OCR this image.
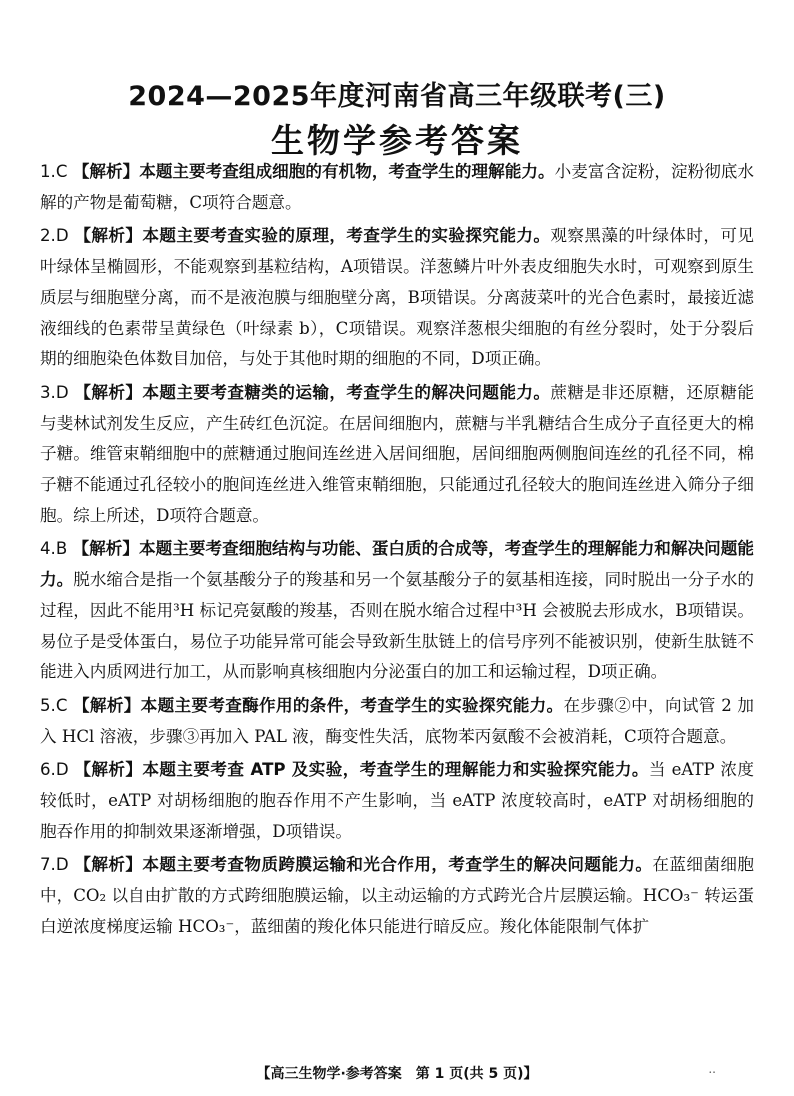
2024—2025年度河南省高三年级联考(三)
生物学参考答案

1.C 【解析】本题主要考查组成细胞的有机物，考查学生的理解能力。小麦富含淀粉，淀粉彻底水解的产物是葡萄糖，C项符合题意。

2.D 【解析】本题主要考查实验的原理，考查学生的实验探究能力。观察黑藻的叶绿体时，可见叶绿体呈椭圆形，不能观察到基粒结构，A项错误。洋葱鳞片叶外表皮细胞失水时，可观察到原生质层与细胞壁分离，而不是液泡膜与细胞壁分离，B项错误。分离菠菜叶的光合色素时，最接近滤液细线的色素带呈黄绿色（叶绿素 b），C项错误。观察洋葱根尖细胞的有丝分裂时，处于分裂后期的细胞染色体数目加倍，与处于其他时期的细胞的不同，D项正确。

3.D 【解析】本题主要考查糖类的运输，考查学生的解决问题能力。蔗糖是非还原糖，还原糖能与斐林试剂发生反应，产生砖红色沉淀。在居间细胞内，蔗糖与半乳糖结合生成分子直径更大的棉子糖。维管束鞘细胞中的蔗糖通过胞间连丝进入居间细胞，居间细胞两侧胞间连丝的孔径不同，棉子糖不能通过孔径较小的胞间连丝进入维管束鞘细胞，只能通过孔径较大的胞间连丝进入筛分子细胞。综上所述，D项符合题意。

4.B 【解析】本题主要考查细胞结构与功能、蛋白质的合成等，考查学生的理解能力和解决问题能力。脱水缩合是指一个氨基酸分子的羧基和另一个氨基酸分子的氨基相连接，同时脱出一分子水的过程，因此不能用³H 标记亮氨酸的羧基，否则在脱水缩合过程中³H 会被脱去形成水，B项错误。易位子是受体蛋白，易位子功能异常可能会导致新生肽链上的信号序列不能被识别，使新生肽链不能进入内质网进行加工，从而影响真核细胞内分泌蛋白的加工和运输过程，D项正确。

5.C 【解析】本题主要考查酶作用的条件，考查学生的实验探究能力。在步骤②中，向试管 2 加入 HCl 溶液，步骤③再加入 PAL 液，酶变性失活，底物苯丙氨酸不会被消耗，C项符合题意。

6.D 【解析】本题主要考查 ATP 及实验，考查学生的理解能力和实验探究能力。当 eATP 浓度较低时，eATP 对胡杨细胞的胞吞作用不产生影响，当 eATP 浓度较高时，eATP 对胡杨细胞的胞吞作用的抑制效果逐渐增强，D项错误。

7.D 【解析】本题主要考查物质跨膜运输和光合作用，考查学生的解决问题能力。在蓝细菌细胞中，CO₂ 以自由扩散的方式跨细胞膜运输，以主动运输的方式跨光合片层膜运输。HCO₃⁻ 转运蛋白逆浓度梯度运输 HCO₃⁻，蓝细菌的羧化体只能进行暗反应。羧化体能限制气体扩

【高三生物学·参考答案　第 1 页(共 5 页)】	..
